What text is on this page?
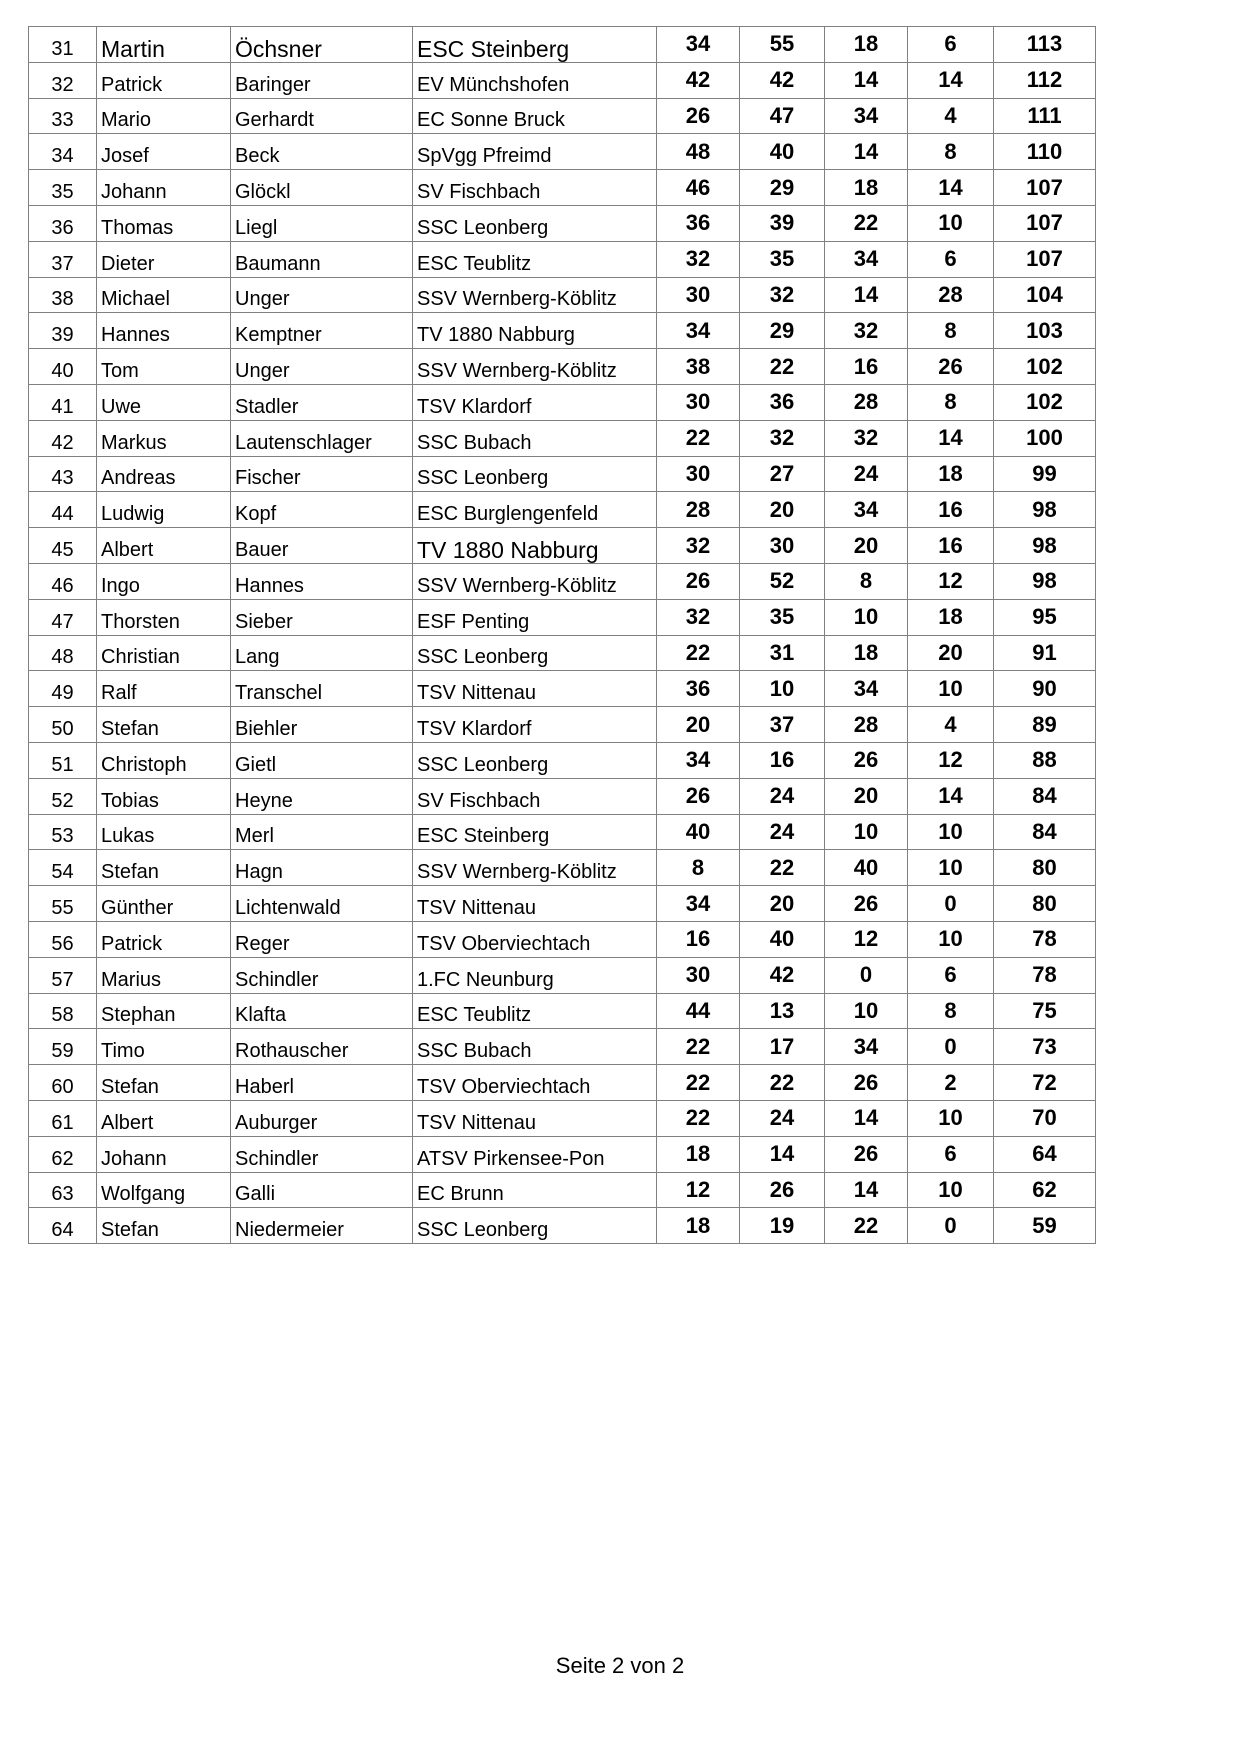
31	Martin	Öchsner	ESC Steinberg	34	55	18	6	113
32	Patrick	Baringer	EV Münchshofen	42	42	14	14	112
33	Mario	Gerhardt	EC Sonne Bruck	26	47	34	4	111
34	Josef	Beck	SpVgg Pfreimd	48	40	14	8	110
35	Johann	Glöckl	SV Fischbach	46	29	18	14	107
36	Thomas	Liegl	SSC Leonberg	36	39	22	10	107
37	Dieter	Baumann	ESC Teublitz	32	35	34	6	107
38	Michael	Unger	SSV Wernberg-Köblitz	30	32	14	28	104
39	Hannes	Kemptner	TV 1880 Nabburg	34	29	32	8	103
40	Tom	Unger	SSV Wernberg-Köblitz	38	22	16	26	102
41	Uwe	Stadler	TSV Klardorf	30	36	28	8	102
42	Markus	Lautenschlager	SSC Bubach	22	32	32	14	100
43	Andreas	Fischer	SSC Leonberg	30	27	24	18	99
44	Ludwig	Kopf	ESC Burglengenfeld	28	20	34	16	98
45	Albert	Bauer	TV 1880 Nabburg	32	30	20	16	98
46	Ingo	Hannes	SSV Wernberg-Köblitz	26	52	8	12	98
47	Thorsten	Sieber	ESF Penting	32	35	10	18	95
48	Christian	Lang	SSC Leonberg	22	31	18	20	91
49	Ralf	Transchel	TSV Nittenau	36	10	34	10	90
50	Stefan	Biehler	TSV Klardorf	20	37	28	4	89
51	Christoph	Gietl	SSC Leonberg	34	16	26	12	88
52	Tobias	Heyne	SV Fischbach	26	24	20	14	84
53	Lukas	Merl	ESC Steinberg	40	24	10	10	84
54	Stefan	Hagn	SSV Wernberg-Köblitz	8	22	40	10	80
55	Günther	Lichtenwald	TSV Nittenau	34	20	26	0	80
56	Patrick	Reger	TSV Oberviechtach	16	40	12	10	78
57	Marius	Schindler	1.FC Neunburg	30	42	0	6	78
58	Stephan	Klafta	ESC Teublitz	44	13	10	8	75
59	Timo	Rothauscher	SSC Bubach	22	17	34	0	73
60	Stefan	Haberl	TSV Oberviechtach	22	22	26	2	72
61	Albert	Auburger	TSV Nittenau	22	24	14	10	70
62	Johann	Schindler	ATSV Pirkensee-Pon	18	14	26	6	64
63	Wolfgang	Galli	EC Brunn	12	26	14	10	62
64	Stefan	Niedermeier	SSC Leonberg	18	19	22	0	59
Seite 2 von 2
